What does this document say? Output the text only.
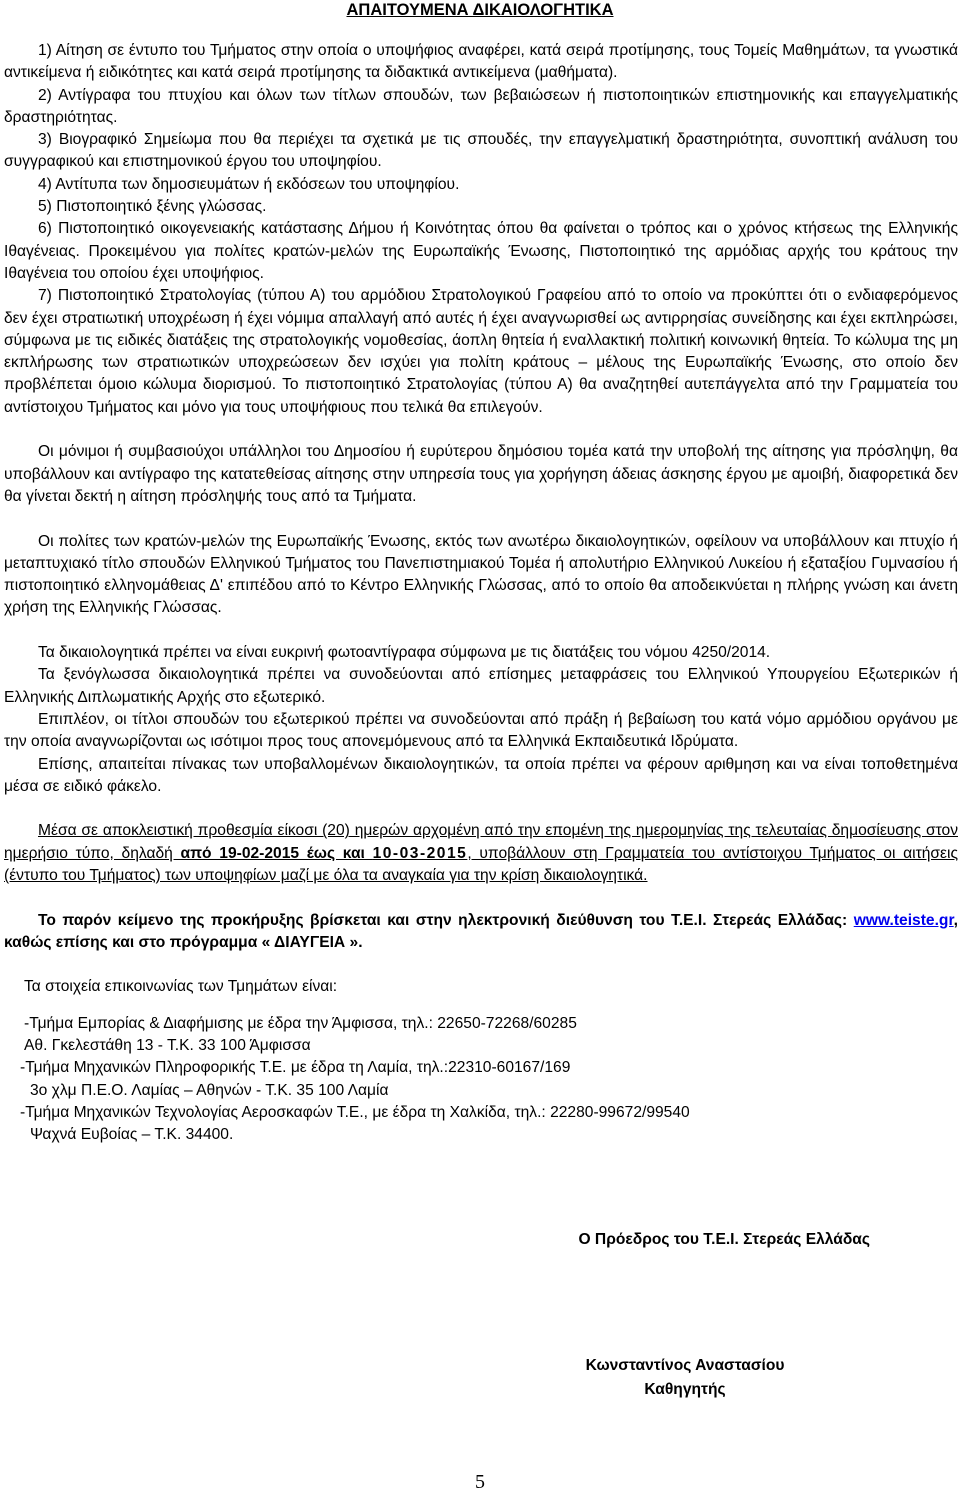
ΑΠΑΙΤΟΥΜΕΝΑ ΔΙΚΑΙΟΛΟΓΗΤΙΚΑ

1) Αίτηση σε έντυπο του Τμήματος στην οποία ο υποψήφιος αναφέρει, κατά σειρά προτίμησης, τους Τομείς Μαθημάτων, τα γνωστικά αντικείμενα ή ειδικότητες και κατά σειρά προτίμησης τα διδακτικά αντικείμενα (μαθήματα).

2) Αντίγραφα του πτυχίου και όλων των τίτλων σπουδών, των βεβαιώσεων ή πιστοποιητικών επιστημονικής και επαγγελματικής δραστηριότητας.

3) Βιογραφικό Σημείωμα που θα περιέχει τα σχετικά με τις σπουδές, την επαγγελματική δραστηριότητα, συνοπτική ανάλυση του συγγραφικού και επιστημονικού έργου του υποψηφίου.

4) Αντίτυπα των δημοσιευμάτων ή εκδόσεων του υποψηφίου.

5) Πιστοποιητικό ξένης γλώσσας.

6) Πιστοποιητικό οικογενειακής κατάστασης Δήμου ή Κοινότητας όπου θα φαίνεται ο τρόπος και ο χρόνος κτήσεως της Ελληνικής Ιθαγένειας. Προκειμένου για πολίτες κρατών-μελών της Ευρωπαϊκής Ένωσης, Πιστοποιητικό της αρμόδιας αρχής του κράτους την Ιθαγένεια του οποίου έχει υποψήφιος.

7) Πιστοποιητικό Στρατολογίας (τύπου Α) του αρμόδιου Στρατολογικού Γραφείου από το οποίο να προκύπτει ότι ο ενδιαφερόμενος δεν έχει στρατιωτική υποχρέωση ή έχει νόμιμα απαλλαγή από αυτές ή έχει αναγνωρισθεί ως αντιρρησίας συνείδησης και έχει εκπληρώσει, σύμφωνα με τις ειδικές διατάξεις της στρατολογικής νομοθεσίας, άοπλη θητεία ή εναλλακτική πολιτική κοινωνική θητεία. Το κώλυμα της μη εκπλήρωσης των στρατιωτικών υποχρεώσεων δεν ισχύει για πολίτη κράτους – μέλους της Ευρωπαϊκής Ένωσης, στο οποίο δεν προβλέπεται όμοιο κώλυμα διορισμού. Το πιστοποιητικό Στρατολογίας (τύπου Α) θα αναζητηθεί αυτεπάγγελτα από την Γραμματεία του αντίστοιχου Τμήματος και μόνο για τους υποψήφιους που τελικά θα επιλεγούν.

Οι μόνιμοι ή συμβασιούχοι υπάλληλοι του Δημοσίου ή ευρύτερου δημόσιου τομέα κατά την υποβολή της αίτησης για πρόσληψη, θα υποβάλλουν και αντίγραφο της κατατεθείσας αίτησης στην υπηρεσία τους για χορήγηση άδειας άσκησης έργου με αμοιβή, διαφορετικά δεν θα γίνεται δεκτή η αίτηση πρόσληψής τους από τα Τμήματα.

Οι πολίτες των κρατών-μελών της Ευρωπαϊκής Ένωσης, εκτός των ανωτέρω δικαιολογητικών, οφείλουν να υποβάλλουν και πτυχίο ή μεταπτυχιακό τίτλο σπουδών Ελληνικού Τμήματος του Πανεπιστημιακού Τομέα ή απολυτήριο Ελληνικού Λυκείου ή εξαταξίου Γυμνασίου ή πιστοποιητικό ελληνομάθειας Δ' επιπέδου από το Κέντρο Ελληνικής Γλώσσας, από το οποίο θα αποδεικνύεται η πλήρης γνώση και άνετη χρήση της Ελληνικής Γλώσσας.

Τα δικαιολογητικά πρέπει να είναι ευκρινή φωτοαντίγραφα σύμφωνα με τις διατάξεις του νόμου 4250/2014.

Τα ξενόγλωσσα δικαιολογητικά πρέπει να συνοδεύονται από επίσημες μεταφράσεις του Ελληνικού Υπουργείου Εξωτερικών ή Ελληνικής Διπλωματικής Αρχής στο εξωτερικό.

Επιπλέον, οι τίτλοι σπουδών του εξωτερικού πρέπει να συνοδεύονται από πράξη ή βεβαίωση του κατά νόμο αρμόδιου οργάνου με την οποία αναγνωρίζονται ως ισότιμοι προς τους απονεμόμενους από τα Ελληνικά Εκπαιδευτικά Ιδρύματα.

Επίσης, απαιτείται πίνακας των υποβαλλομένων δικαιολογητικών, τα οποία πρέπει να φέρουν αριθμηση και να είναι τοποθετημένα μέσα σε ειδικό φάκελο.

Μέσα σε αποκλειστική προθεσμία είκοσι (20) ημερών αρχομένη από την επομένη της ημερομηνίας της τελευταίας δημοσίευσης στον ημερήσιο τύπο, δηλαδή από 19-02-2015 έως και 10-03-2015, υποβάλλουν στη Γραμματεία του αντίστοιχου Τμήματος οι αιτήσεις (έντυπο του Τμήματος) των υποψηφίων μαζί με όλα τα αναγκαία για την κρίση δικαιολογητικά.

Το παρόν κείμενο της προκήρυξης βρίσκεται και στην ηλεκτρονική διεύθυνση του Τ.Ε.Ι. Στερεάς Ελλάδας: www.teiste.gr, καθώς επίσης και στο πρόγραμμα « ΔΙΑΥΓΕΙΑ ».

Τα στοιχεία επικοινωνίας των Τμημάτων είναι:

-Τμήμα Εμπορίας & Διαφήμισης με έδρα την Άμφισσα, τηλ.: 22650-72268/60285
Αθ. Γκελεστάθη 13 - Τ.Κ. 33 100 Άμφισσα
-Τμήμα Μηχανικών Πληροφορικής Τ.Ε. με έδρα τη Λαμία, τηλ.:22310-60167/169
3ο χλμ Π.Ε.Ο. Λαμίας – Αθηνών - Τ.Κ. 35 100 Λαμία
-Τμήμα Μηχανικών Τεχνολογίας Αεροσκαφών Τ.Ε., με έδρα τη Χαλκίδα, τηλ.: 22280-99672/99540
Ψαχνά Ευβοίας – Τ.Κ. 34400.
Ο Πρόεδρος του Τ.Ε.Ι. Στερεάς Ελλάδας
Κωνσταντίνος Αναστασίου
Καθηγητής
5
